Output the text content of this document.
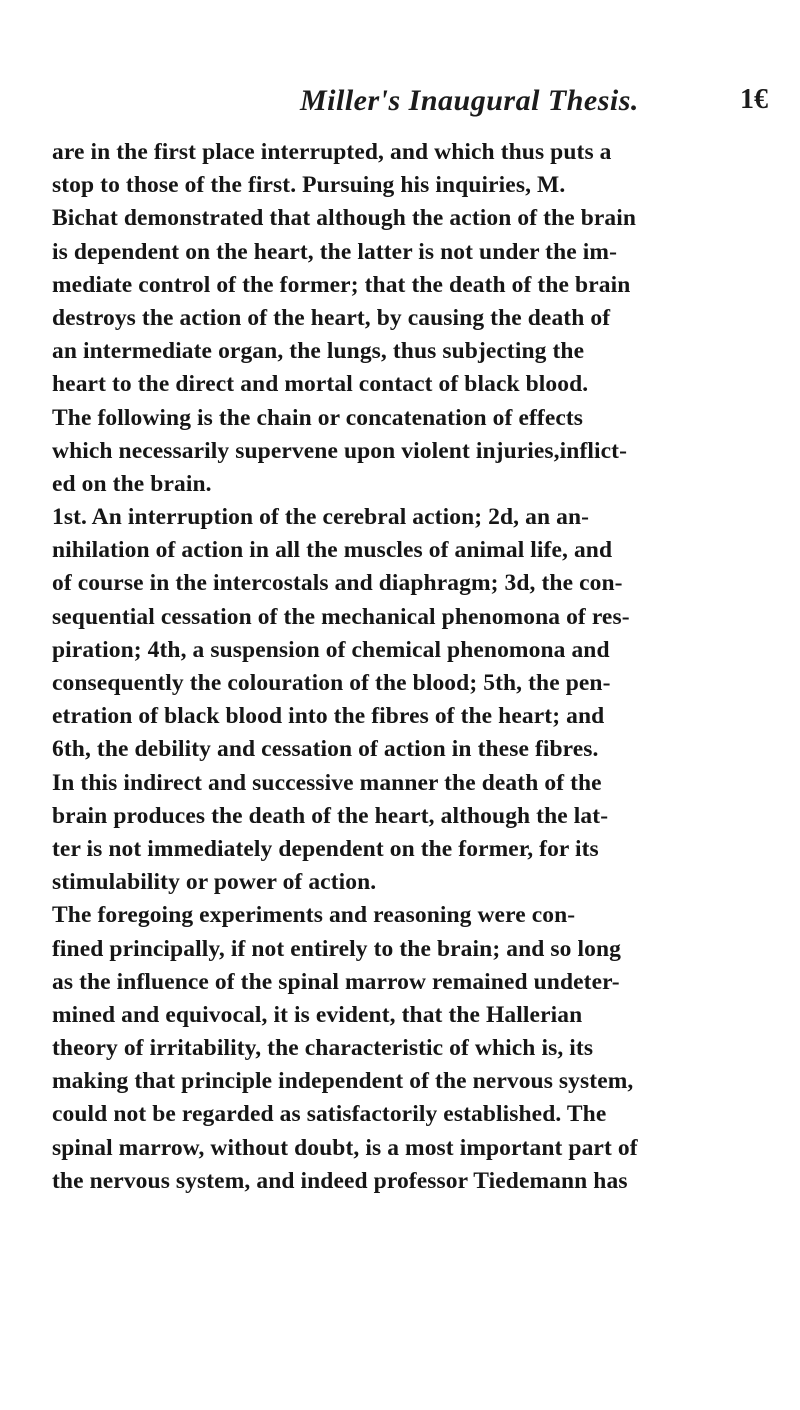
Miller's Inaugural Thesis.	1€
are in the first place interrupted, and which thus puts a
stop to those of the first. Pursuing his inquiries, M.
Bichat demonstrated that although the action of the brain
is dependent on the heart, the latter is not under the im-
mediate control of the former; that the death of the brain
destroys the action of the heart, by causing the death of
an intermediate organ, the lungs, thus subjecting the
heart to the direct and mortal contact of black blood.
The following is the chain or concatenation of effects
which necessarily supervene upon violent injuries,inflict-
ed on the brain.
1st. An interruption of the cerebral action; 2d, an an-
nihilation of action in all the muscles of animal life, and
of course in the intercostals and diaphragm; 3d, the con-
sequential cessation of the mechanical phenomona of res-
piration; 4th, a suspension of chemical phenomona and
consequently the colouration of the blood; 5th, the pen-
etration of black blood into the fibres of the heart; and
6th, the debility and cessation of action in these fibres.
In this indirect and successive manner the death of the
brain produces the death of the heart, although the lat-
ter is not immediately dependent on the former, for its
stimulability or power of action.
The foregoing experiments and reasoning were con-
fined principally, if not entirely to the brain; and so long
as the influence of the spinal marrow remained undeter-
mined and equivocal, it is evident, that the Hallerian
theory of irritability, the characteristic of which is, its
making that principle independent of the nervous system,
could not be regarded as satisfactorily established. The
spinal marrow, without doubt, is a most important part of
the nervous system, and indeed professor Tiedemann has
